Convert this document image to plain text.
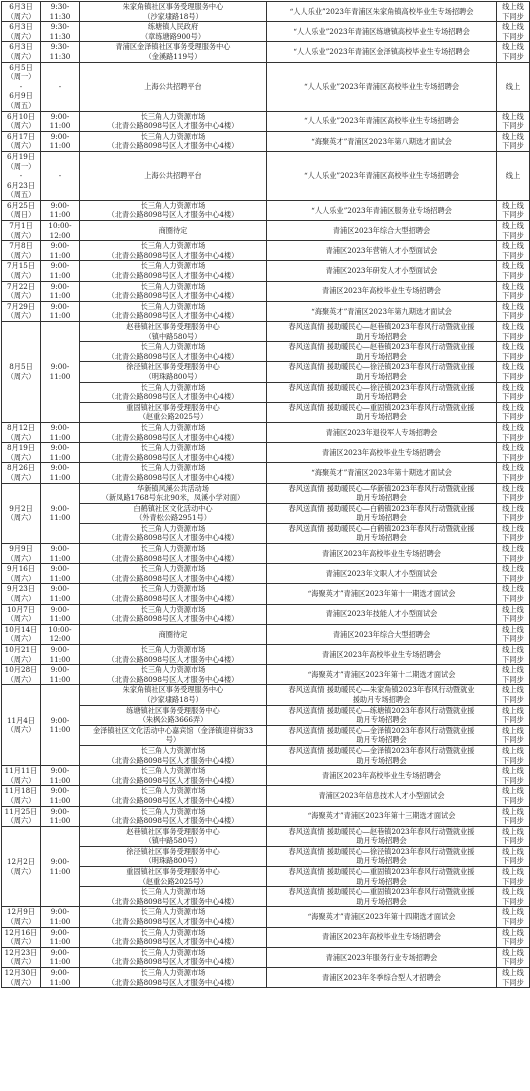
6月3日
（周六）	9:30-
11:30	朱家角镇社区事务受理服务中心
（沙家埭路18号）	“人人乐业”2023年青浦区朱家角镇高校毕业生专场招聘会	线上线
下同步

6月3日
（周六）	9:30-
11:30	练塘镇人民政府
（章练塘路900号）	“人人乐业”2023年青浦区练塘镇高校毕业生专场招聘会	线上线
下同步

6月3日
（周六）	9:30-
11:30	青浦区金泽镇社区事务受理服务中心
（金溪路119号）	“人人乐业”2023年青浦区金泽镇高校毕业生专场招聘会	线上线
下同步

6月5日
（周一）
-
6月9日
（周五）	-	上海公共招聘平台	“人人乐业”2023年青浦区高校毕业生专场招聘会	线上

6月10日
（周六）	9:00-
11:00	长三角人力资源市场
（北青公路8098号区人才服务中心4楼）	“人人乐业”2023年青浦区高校毕业生专场招聘会	线上线
下同步

6月17日
（周六）	9:00-
11:00	长三角人力资源市场
（北青公路8098号区人才服务中心4楼）	“海聚英才”青浦区2023年第八期选才面试会	线上线
下同步

6月19日
（周一）
-
6月23日
（周五）	-	上海公共招聘平台	“人人乐业”2023年青浦区高校毕业生专场招聘会	线上

6月25日
（周日）	9:00-
11:00	长三角人力资源市场
（北青公路8098号区人才服务中心4楼）	“人人乐业”2023年青浦区服务业专场招聘会	线上线
下同步

7月1日
（周六）	10:00-
12:00	商圈待定	青浦区2023年综合大型招聘会	线上线
下同步

7月8日
（周六）	9:00-
11:00	长三角人力资源市场
（北青公路8098号区人才服务中心4楼）	青浦区2023年营销人才小型面试会	线上线
下同步

7月15日
（周六）	9:00-
11:00	长三角人力资源市场
（北青公路8098号区人才服务中心4楼）	青浦区2023年研发人才小型面试会	线上线
下同步

7月22日
（周六）	9:00-
11:00	长三角人力资源市场
（北青公路8098号区人才服务中心4楼）	青浦区2023年高校毕业生专场招聘会	线上线
下同步

7月29日
（周六）	9:00-
11:00	长三角人力资源市场
（北青公路8098号区人才服务中心4楼）	“海聚英才”青浦区2023年第九期选才面试会	线上线
下同步

8月5日
（周六）	9:00-
11:00	赵巷镇社区事务受理服务中心
（镇中路580号）	春风送真情 援助暖民心—赵巷镇2023年春风行动暨就业援
助月专场招聘会	线上线
下同步

		长三角人力资源市场
（北青公路8098号区人才服务中心4楼）	春风送真情 援助暖民心—赵巷镇2023年春风行动暨就业援
助月专场招聘会	线上线
下同步

		徐泾镇社区事务受理服务中心
（明珠路800号）	春风送真情 援助暖民心—徐泾镇2023年春风行动暨就业援
助月专场招聘会	线上线
下同步

		长三角人力资源市场
（北青公路8098号区人才服务中心4楼）	春风送真情 援助暖民心—徐泾镇2023年春风行动暨就业援
助月专场招聘会	线上线
下同步

		重固镇社区事务受理服务中心
（赵重公路2025号）	春风送真情 援助暖民心—重固镇2023年春风行动暨就业援
助月专场招聘会	线上线
下同步

8月12日
（周六）	9:00-
11:00	长三角人力资源市场
（北青公路8098号区人才服务中心4楼）	青浦区2023年退役军人专场招聘会	线上线
下同步

8月19日
（周六）	9:00-
11:00	长三角人力资源市场
（北青公路8098号区人才服务中心4楼）	青浦区2023年高校毕业生专场招聘会	线上线
下同步

8月26日
（周六）	9:00-
11:00	长三角人力资源市场
（北青公路8098号区人才服务中心4楼）	“海聚英才”青浦区2023年第十期选才面试会	线上线
下同步

9月2日
（周六）	9:00-
11:00	华新镇风溪公共活动场
（新凤路1768号东北90米，凤溪小学对面）	春风送真情 援助暖民心—华新镇2023年春风行动暨就业援
助月专场招聘会	线上线
下同步

		白鹤镇社区文化活动中心
（外青松公路2951号）	春风送真情 援助暖民心—白鹤镇2023年春风行动暨就业援
助月专场招聘会	线上线
下同步

		长三角人力资源市场
（北青公路8098号区人才服务中心4楼）	春风送真情 援助暖民心—白鹤镇2023年春风行动暨就业援
助月专场招聘会	线上线
下同步

9月9日
（周六）	9:00-
11:00	长三角人力资源市场
（北青公路8098号区人才服务中心4楼）	青浦区2023年高校毕业生专场招聘会	线上线
下同步

9月16日
（周六）	9:00-
11:00	长三角人力资源市场
（北青公路8098号区人才服务中心4楼）	青浦区2023年文职人才小型面试会	线上线
下同步

9月23日
（周六）	9:00-
11:00	长三角人力资源市场
（北青公路8098号区人才服务中心4楼）	“海聚英才”青浦区2023年第十一期选才面试会	线上线
下同步

10月7日
（周六）	9:00-
11:00	长三角人力资源市场
（北青公路8098号区人才服务中心4楼）	青浦区2023年技能人才小型面试会	线上线
下同步

10月14日
（周六）	10:00-
12:00	商圈待定	青浦区2023年综合大型招聘会	线上线
下同步

10月21日
（周六）	9:00-
11:00	长三角人力资源市场
（北青公路8098号区人才服务中心4楼）	青浦区2023年高校毕业生专场招聘会	线上线
下同步

10月28日
（周六）	9:00-
11:00	长三角人力资源市场
（北青公路8098号区人才服务中心4楼）	“海聚英才”青浦区2023年第十二期选才面试会	线上线
下同步

11月4日
（周六）	9:00-
11:00	朱家角镇社区事务受理服务中心
（沙家埭路18号）	春风送真情 援助暖民心—朱家角镇2023年春风行动暨就业
援助月专场招聘会	线上线
下同步

		练塘镇社区事务受理服务中心
（朱枫公路3666弄）	春风送真情 援助暖民心—练塘镇2023年春风行动暨就业援
助月专场招聘会	线上线
下同步

		金泽镇社区文化活动中心嘉宾馆（金泽镇迎祥街33
号）	春风送真情 援助暖民心—金泽镇2023年春风行动暨就业援
助月专场招聘会	线上线
下同步

		长三角人力资源市场
（北青公路8098号区人才服务中心4楼）	春风送真情 援助暖民心—金泽镇2023年春风行动暨就业援
助月专场招聘会	线上线
下同步

11月11日
（周六）	9:00-
11:00	长三角人力资源市场
（北青公路8098号区人才服务中心4楼）	青浦区2023年高校毕业生专场招聘会	线上线
下同步

11月18日
（周六）	9:00-
11:00	长三角人力资源市场
（北青公路8098号区人才服务中心4楼）	青浦区2023年信息技术人才小型面试会	线上线
下同步

11月25日
（周六）	9:00-
11:00	长三角人力资源市场
（北青公路8098号区人才服务中心4楼）	“海聚英才”青浦区2023年第十三期选才面试会	线上线
下同步

12月2日
（周六）	9:00-
11:00	赵巷镇社区事务受理服务中心
（镇中路580号）	春风送真情 援助暖民心—赵巷镇2023年春风行动暨就业援
助月专场招聘会	线上线
下同步

		徐泾镇社区事务受理服务中心
（明珠路800号）	春风送真情 援助暖民心—徐泾镇2023年春风行动暨就业援
助月专场招聘会	线上线
下同步

		重固镇社区事务受理服务中心
（赵重公路2025号）	春风送真情 援助暖民心—重固镇2023年春风行动暨就业援
助月专场招聘会	线上线
下同步

		长三角人力资源市场
（北青公路8098号区人才服务中心4楼）	春风送真情 援助暖民心—重固镇2023年春风行动暨就业援
助月专场招聘会	线上线
下同步

12月9日
（周六）	9:00-
11:00	长三角人力资源市场
（北青公路8098号区人才服务中心4楼）	“海聚英才”青浦区2023年第十四期选才面试会	线上线
下同步

12月16日
（周六）	9:00-
11:00	长三角人力资源市场
（北青公路8098号区人才服务中心4楼）	青浦区2023年高校毕业生专场招聘会	线上线
下同步

12月23日
（周六）	9:00-
11:00	长三角人力资源市场
（北青公路8098号区人才服务中心4楼）	青浦区2023年服务行业专场招聘会	线上线
下同步

12月30日
（周六）	9:00-
11:00	长三角人力资源市场
（北青公路8098号区人才服务中心4楼）	青浦区2023年冬季综合型人才招聘会	线上线
下同步
